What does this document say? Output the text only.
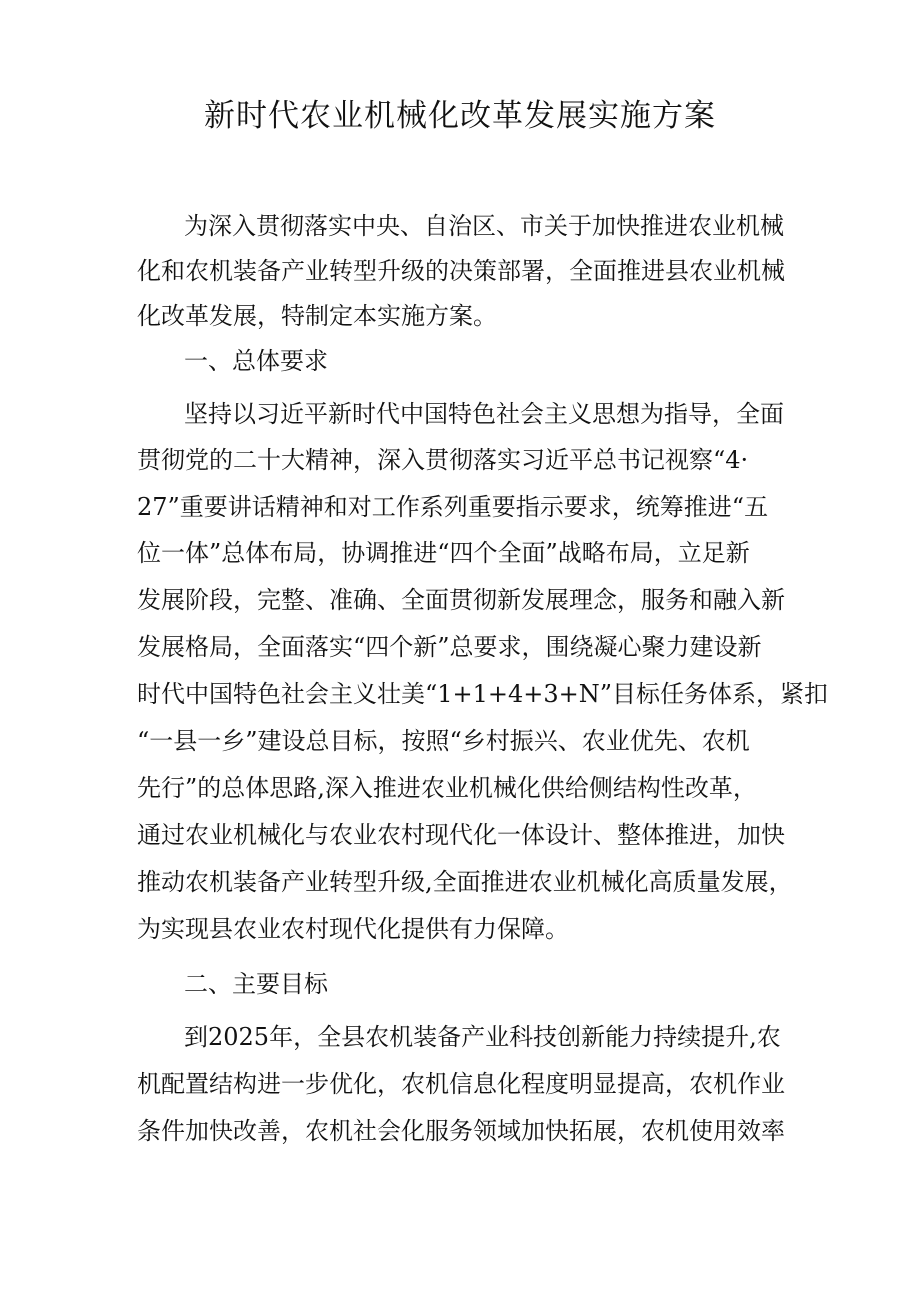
新时代农业机械化改革发展实施方案

为深入贯彻落实中央、自治区、市关于加快推进农业机械

化和农机装备产业转型升级的决策部署，全面推进县农业机械

化改革发展，特制定本实施方案。

一、总体要求

坚持以习近平新时代中国特色社会主义思想为指导，全面

贯彻党的二十大精神，深入贯彻落实习近平总书记视察“4·

27”重要讲话精神和对工作系列重要指示要求，统筹推进“五

位一体”总体布局，协调推进“四个全面”战略布局，立足新

发展阶段，完整、准确、全面贯彻新发展理念，服务和融入新

发展格局，全面落实“四个新”总要求，围绕凝心聚力建设新

时代中国特色社会主义壮美“1+1+4+3+N”目标任务体系，紧扣

“一县一乡”建设总目标，按照“乡村振兴、农业优先、农机

先行”的总体思路,深入推进农业机械化供给侧结构性改革，

通过农业机械化与农业农村现代化一体设计、整体推进，加快

推动农机装备产业转型升级,全面推进农业机械化高质量发展，

为实现县农业农村现代化提供有力保障。

二、主要目标

到2025年，全县农机装备产业科技创新能力持续提升,农

机配置结构进一步优化，农机信息化程度明显提高，农机作业

条件加快改善，农机社会化服务领域加快拓展，农机使用效率
